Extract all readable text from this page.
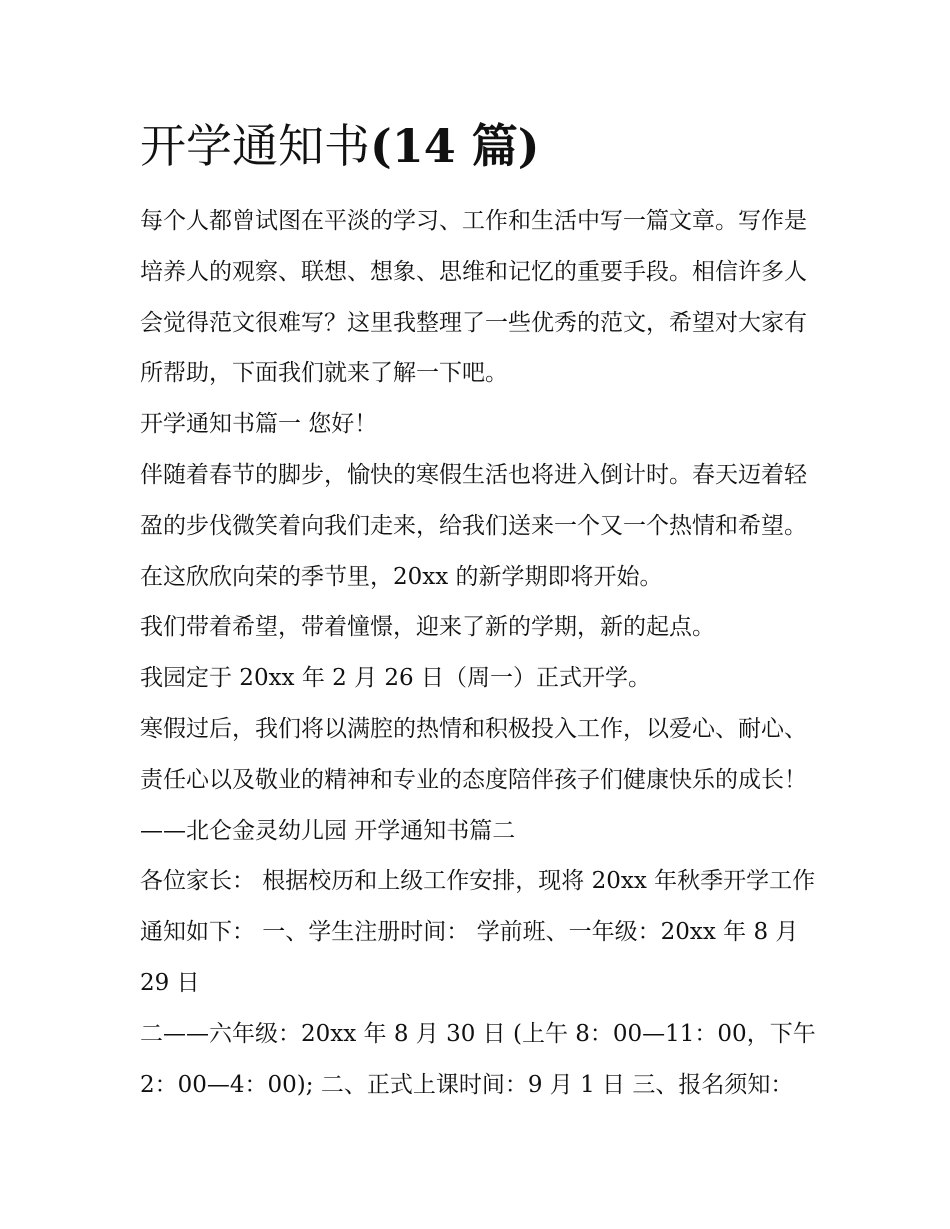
开学通知书(14 篇)

每个人都曾试图在平淡的学习、工作和生活中写一篇文章。写作是培养人的观察、联想、想象、思维和记忆的重要手段。相信许多人会觉得范文很难写？这里我整理了一些优秀的范文，希望对大家有所帮助，下面我们就来了解一下吧。

开学通知书篇一 您好！

伴随着春节的脚步，愉快的寒假生活也将进入倒计时。春天迈着轻盈的步伐微笑着向我们走来，给我们送来一个又一个热情和希望。在这欣欣向荣的季节里，20xx 的新学期即将开始。

我们带着希望，带着憧憬，迎来了新的学期，新的起点。

我园定于 20xx 年 2 月 26 日（周一）正式开学。

寒假过后，我们将以满腔的热情和积极投入工作，以爱心、耐心、责任心以及敬业的精神和专业的态度陪伴孩子们健康快乐的成长！ ——北仑金灵幼儿园 开学通知书篇二

各位家长： 根据校历和上级工作安排，现将 20xx 年秋季开学工作通知如下： 一、学生注册时间： 学前班、一年级：20xx 年 8 月 29 日

二——六年级：20xx 年 8 月 30 日 (上午 8：00—11：00，下午 2：00—4：00); 二、正式上课时间：9 月 1 日 三、报名须知：
